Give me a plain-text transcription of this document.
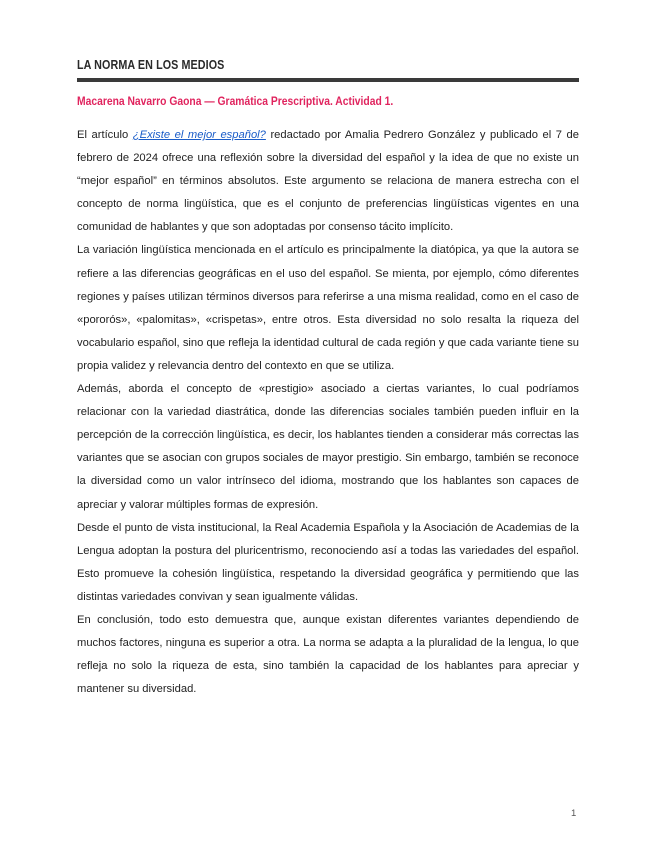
LA NORMA EN LOS MEDIOS
Macarena Navarro Gaona — Gramática Prescriptiva. Actividad 1.

El artículo ¿Existe el mejor español? redactado por Amalia Pedrero González y publicado el 7 de febrero de 2024 ofrece una reflexión sobre la diversidad del español y la idea de que no existe un “mejor español” en términos absolutos. Este argumento se relaciona de manera estrecha con el concepto de norma lingüística, que es el conjunto de preferencias lingüísticas vigentes en una comunidad de hablantes y que son adoptadas por consenso tácito implícito.

La variación lingüística mencionada en el artículo es principalmente la diatópica, ya que la autora se refiere a las diferencias geográficas en el uso del español. Se mienta, por ejemplo, cómo diferentes regiones y países utilizan términos diversos para referirse a una misma realidad, como en el caso de «pororós», «palomitas», «crispetas», entre otros. Esta diversidad no solo resalta la riqueza del vocabulario español, sino que refleja la identidad cultural de cada región y que cada variante tiene su propia validez y relevancia dentro del contexto en que se utiliza.

Además, aborda el concepto de «prestigio» asociado a ciertas variantes, lo cual podríamos relacionar con la variedad diastrática, donde las diferencias sociales también pueden influir en la percepción de la corrección lingüística, es decir, los hablantes tienden a considerar más correctas las variantes que se asocian con grupos sociales de mayor prestigio. Sin embargo, también se reconoce la diversidad como un valor intrínseco del idioma, mostrando que los hablantes son capaces de apreciar y valorar múltiples formas de expresión.

Desde el punto de vista institucional, la Real Academia Española y la Asociación de Academias de la Lengua adoptan la postura del pluricentrismo, reconociendo así a todas las variedades del español. Esto promueve la cohesión lingüística, respetando la diversidad geográfica y permitiendo que las distintas variedades convivan y sean igualmente válidas.

En conclusión, todo esto demuestra que, aunque existan diferentes variantes dependiendo de muchos factores, ninguna es superior a otra. La norma se adapta a la pluralidad de la lengua, lo que refleja no solo la riqueza de esta, sino también la capacidad de los hablantes para apreciar y mantener su diversidad.

1
